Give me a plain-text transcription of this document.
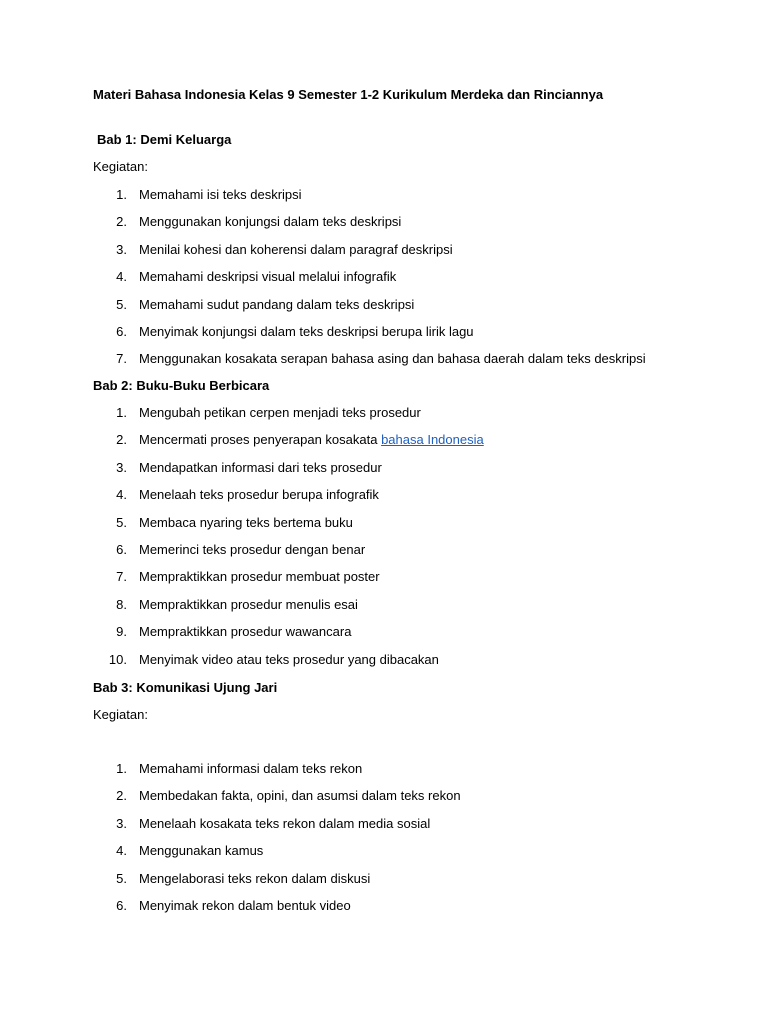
Materi Bahasa Indonesia Kelas 9 Semester 1-2 Kurikulum Merdeka dan Rinciannya
Bab 1: Demi Keluarga
Kegiatan:
1. Memahami isi teks deskripsi
2. Menggunakan konjungsi dalam teks deskripsi
3. Menilai kohesi dan koherensi dalam paragraf deskripsi
4. Memahami deskripsi visual melalui infografik
5. Memahami sudut pandang dalam teks deskripsi
6. Menyimak konjungsi dalam teks deskripsi berupa lirik lagu
7. Menggunakan kosakata serapan bahasa asing dan bahasa daerah dalam teks deskripsi
Bab 2: Buku-Buku Berbicara
1. Mengubah petikan cerpen menjadi teks prosedur
2. Mencermati proses penyerapan kosakata bahasa Indonesia
3. Mendapatkan informasi dari teks prosedur
4. Menelaah teks prosedur berupa infografik
5. Membaca nyaring teks bertema buku
6. Memerinci teks prosedur dengan benar
7. Mempraktikkan prosedur membuat poster
8. Mempraktikkan prosedur menulis esai
9. Mempraktikkan prosedur wawancara
10. Menyimak video atau teks prosedur yang dibacakan
Bab 3: Komunikasi Ujung Jari
Kegiatan:
1. Memahami informasi dalam teks rekon
2. Membedakan fakta, opini, dan asumsi dalam teks rekon
3. Menelaah kosakata teks rekon dalam media sosial
4. Menggunakan kamus
5. Mengelaborasi teks rekon dalam diskusi
6. Menyimak rekon dalam bentuk video
